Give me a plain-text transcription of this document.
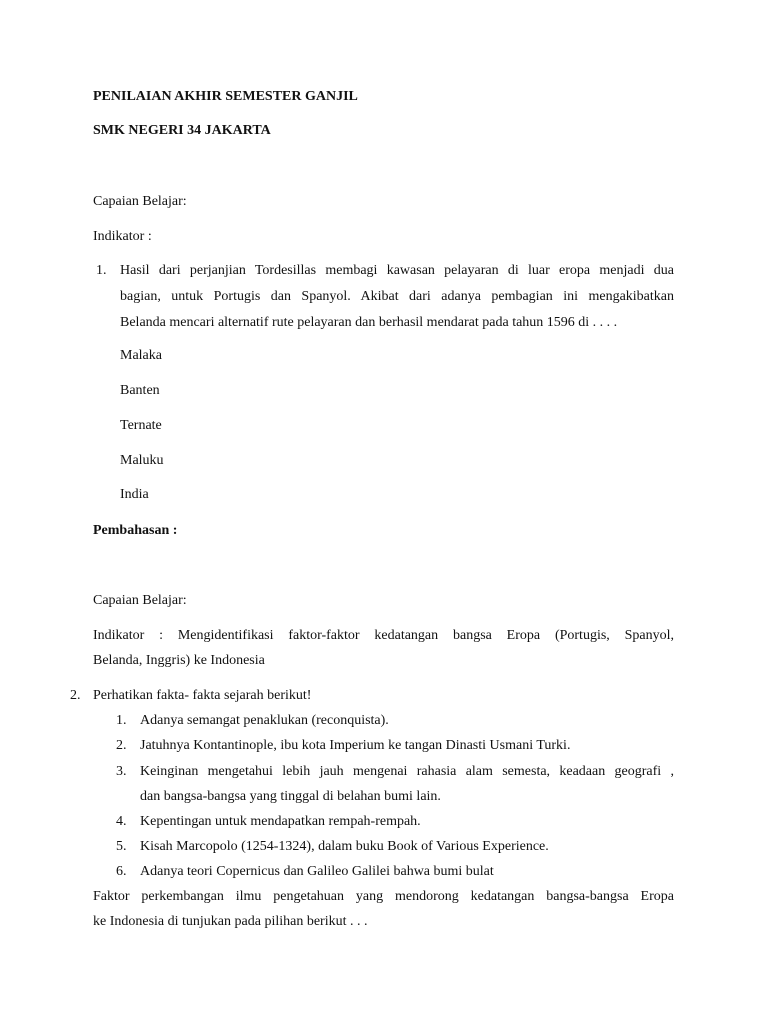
PENILAIAN AKHIR SEMESTER GANJIL
SMK NEGERI 34 JAKARTA
Capaian Belajar:
Indikator :
1. Hasil dari perjanjian Tordesillas membagi kawasan pelayaran di luar eropa menjadi dua
bagian, untuk Portugis dan Spanyol. Akibat dari adanya pembagian ini mengakibatkan
Belanda mencari alternatif rute pelayaran dan berhasil mendarat pada tahun 1596 di . . . .
Malaka
Banten
Ternate
Maluku
India
Pembahasan :
Capaian Belajar:
Indikator : Mengidentifikasi faktor-faktor kedatangan bangsa Eropa (Portugis, Spanyol,
Belanda, Inggris) ke Indonesia
2. Perhatikan fakta- fakta sejarah berikut!
1. Adanya semangat penaklukan (reconquista).
2. Jatuhnya Kontantinople, ibu kota Imperium ke tangan Dinasti Usmani Turki.
3. Keinginan mengetahui lebih jauh mengenai rahasia alam semesta, keadaan geografi ,
dan bangsa-bangsa yang tinggal di belahan bumi lain.
4. Kepentingan untuk mendapatkan rempah-rempah.
5. Kisah Marcopolo (1254-1324), dalam buku Book of Various Experience.
6. Adanya teori Copernicus dan Galileo Galilei bahwa bumi bulat
Faktor perkembangan ilmu pengetahuan yang mendorong kedatangan bangsa-bangsa Eropa
ke Indonesia di tunjukan pada pilihan berikut . . .
